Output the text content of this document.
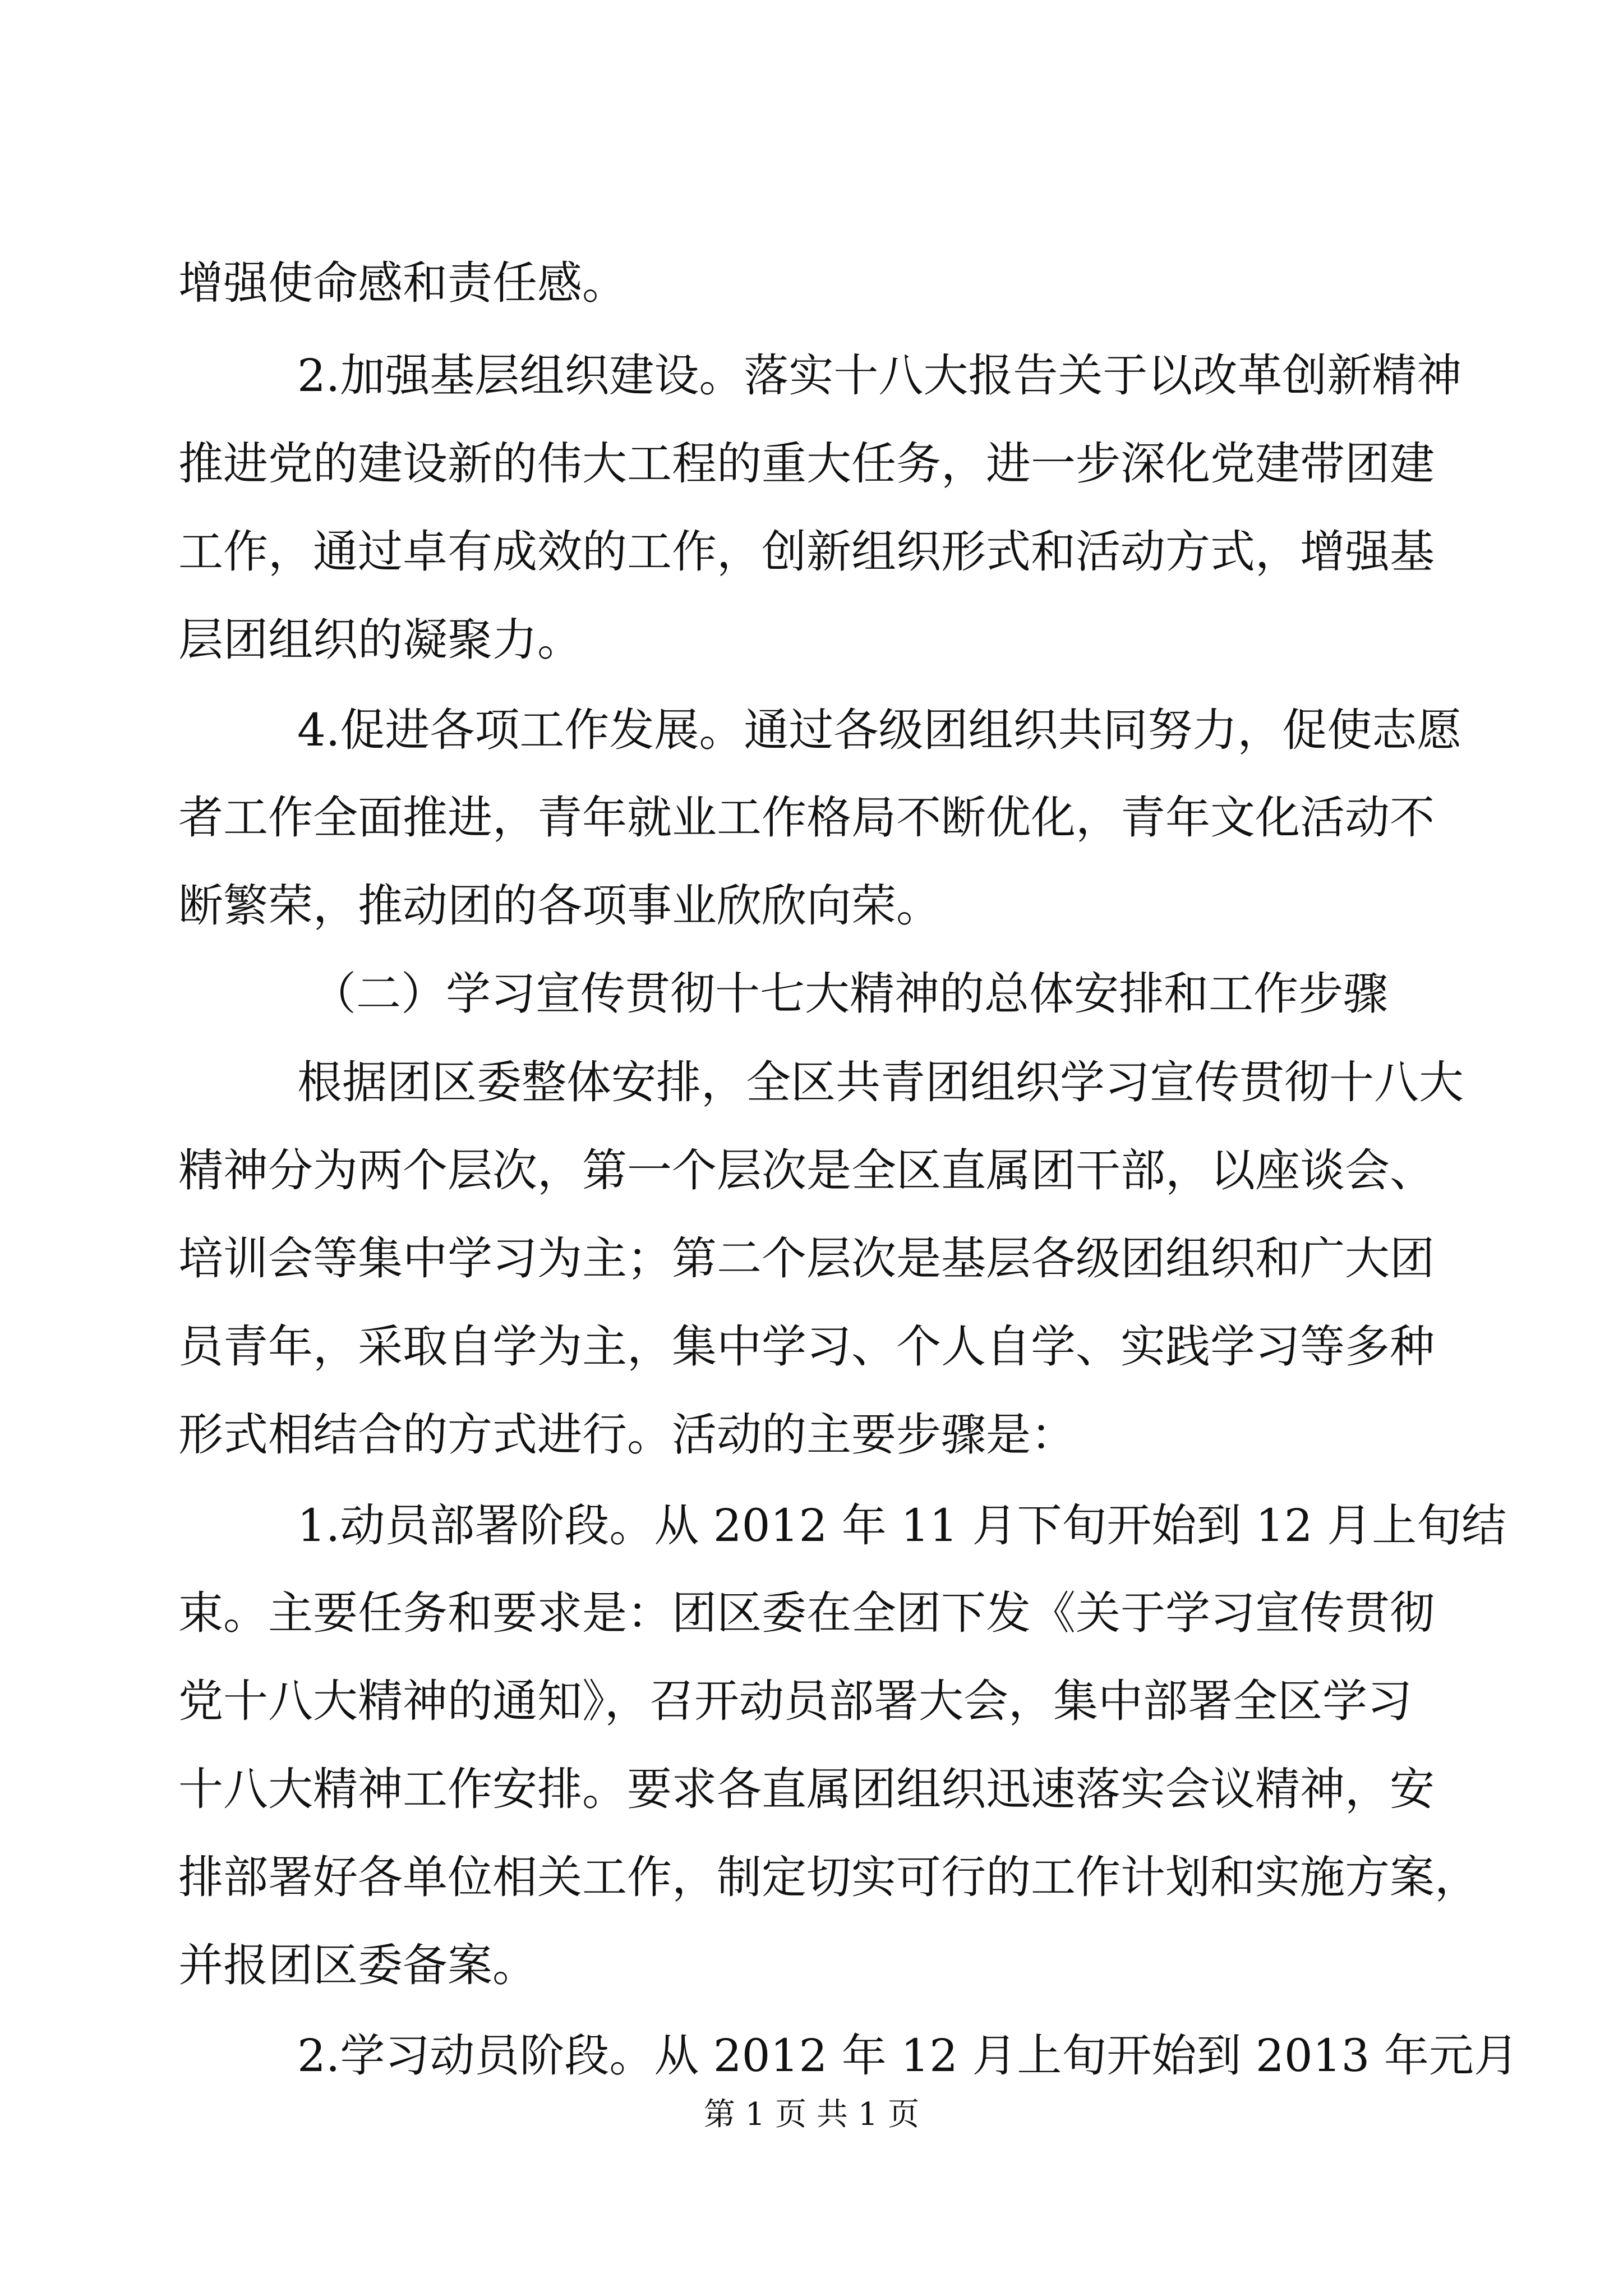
增强使命感和责任感。
2.加强基层组织建设。落实十八大报告关于以改革创新精神
推进党的建设新的伟大工程的重大任务，进一步深化党建带团建
工作，通过卓有成效的工作，创新组织形式和活动方式，增强基
层团组织的凝聚力。
4.促进各项工作发展。通过各级团组织共同努力，促使志愿
者工作全面推进，青年就业工作格局不断优化，青年文化活动不
断繁荣，推动团的各项事业欣欣向荣。
（二）学习宣传贯彻十七大精神的总体安排和工作步骤
根据团区委整体安排，全区共青团组织学习宣传贯彻十八大
精神分为两个层次，第一个层次是全区直属团干部，以座谈会、
培训会等集中学习为主；第二个层次是基层各级团组织和广大团
员青年，采取自学为主，集中学习、个人自学、实践学习等多种
形式相结合的方式进行。活动的主要步骤是：
1.动员部署阶段。从 2012 年 11 月下旬开始到 12 月上旬结
束。主要任务和要求是：团区委在全团下发《关于学习宣传贯彻
党十八大精神的通知》，召开动员部署大会，集中部署全区学习
十八大精神工作安排。要求各直属团组织迅速落实会议精神，安
排部署好各单位相关工作，制定切实可行的工作计划和实施方案，
并报团区委备案。
2.学习动员阶段。从 2012 年 12 月上旬开始到 2013 年元月
第 1 页 共 1 页
